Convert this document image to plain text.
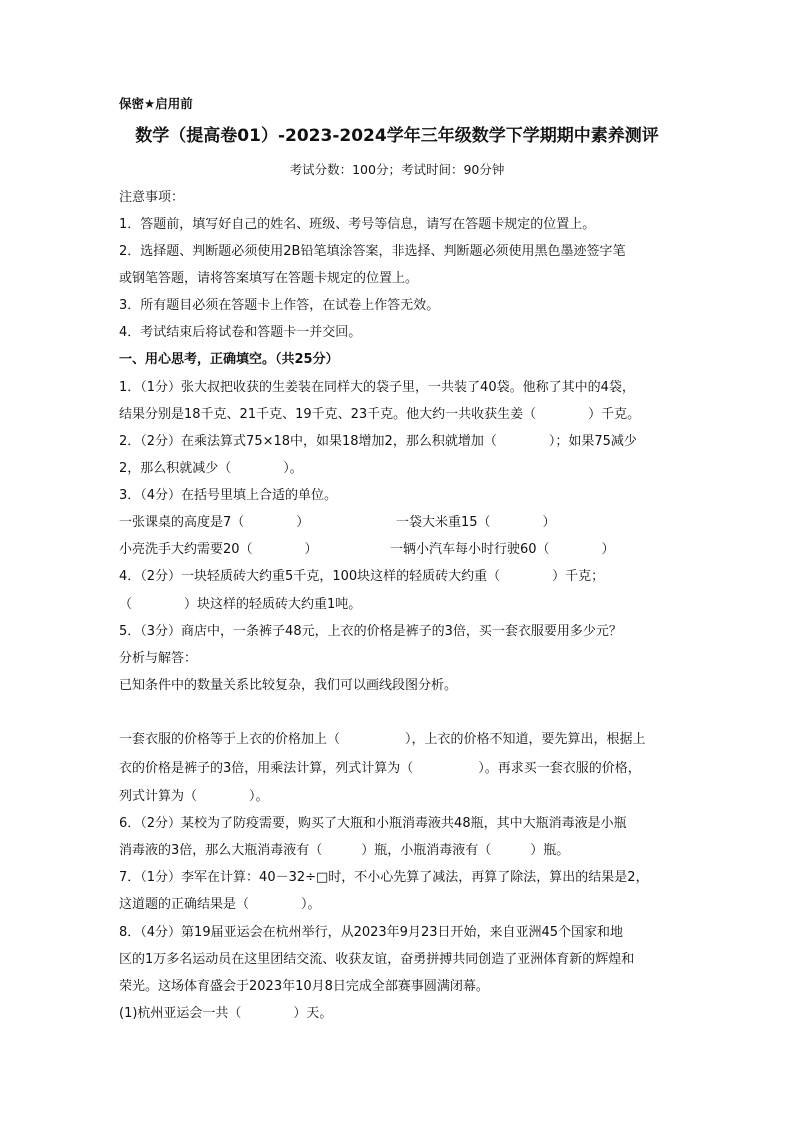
保密★启用前
数学（提高卷01）-2023-2024学年三年级数学下学期期中素养测评
考试分数：100分；考试时间：90分钟
注意事项：
1．答题前，填写好自己的姓名、班级、考号等信息，请写在答题卡规定的位置上。
2．选择题、判断题必须使用2B铅笔填涂答案，非选择、判断题必须使用黑色墨迹签字笔
或钢笔答题，请将答案填写在答题卡规定的位置上。
3．所有题目必须在答题卡上作答，在试卷上作答无效。
4．考试结束后将试卷和答题卡一并交回。
一、用心思考，正确填空。（共25分）
1．（1分）张大叔把收获的生姜装在同样大的袋子里，一共装了40袋。他称了其中的4袋，
结果分别是18千克、21千克、19千克、23千克。他大约一共收获生姜（　　　　）千克。
2．（2分）在乘法算式75×18中，如果18增加2，那么积就增加（　　　　）；如果75减少
2，那么积就减少（　　　　）。
3．（4分）在括号里填上合适的单位。
一张课桌的高度是7（　　　　）	一袋大米重15（　　　　）
小亮洗手大约需要20（　　　　）	一辆小汽车每小时行驶60（　　　　）
4．（2分）一块轻质砖大约重5千克，100块这样的轻质砖大约重（　　　　）千克；
（　　　　）块这样的轻质砖大约重1吨。
5．（3分）商店中，一条裤子48元，上衣的价格是裤子的3倍，买一套衣服要用多少元？
分析与解答：
已知条件中的数量关系比较复杂，我们可以画线段图分析。
一套衣服的价格等于上衣的价格加上（　　　　　），上衣的价格不知道，要先算出，根据上
衣的价格是裤子的3倍，用乘法计算，列式计算为（　　　　　）。再求买一套衣服的价格，
列式计算为（　　　　）。
6．（2分）某校为了防疫需要，购买了大瓶和小瓶消毒液共48瓶，其中大瓶消毒液是小瓶
消毒液的3倍，那么大瓶消毒液有（　　　）瓶，小瓶消毒液有（　　　）瓶。
7．（1分）李军在计算：40－32÷□时，不小心先算了减法，再算了除法，算出的结果是2，
这道题的正确结果是（　　　　）。
8．（4分）第19届亚运会在杭州举行，从2023年9月23日开始，来自亚洲45个国家和地
区的1万多名运动员在这里团结交流、收获友谊，奋勇拼搏共同创造了亚洲体育新的辉煌和
荣光。这场体育盛会于2023年10月8日完成全部赛事圆满闭幕。
(1)杭州亚运会一共（　　　　）天。
